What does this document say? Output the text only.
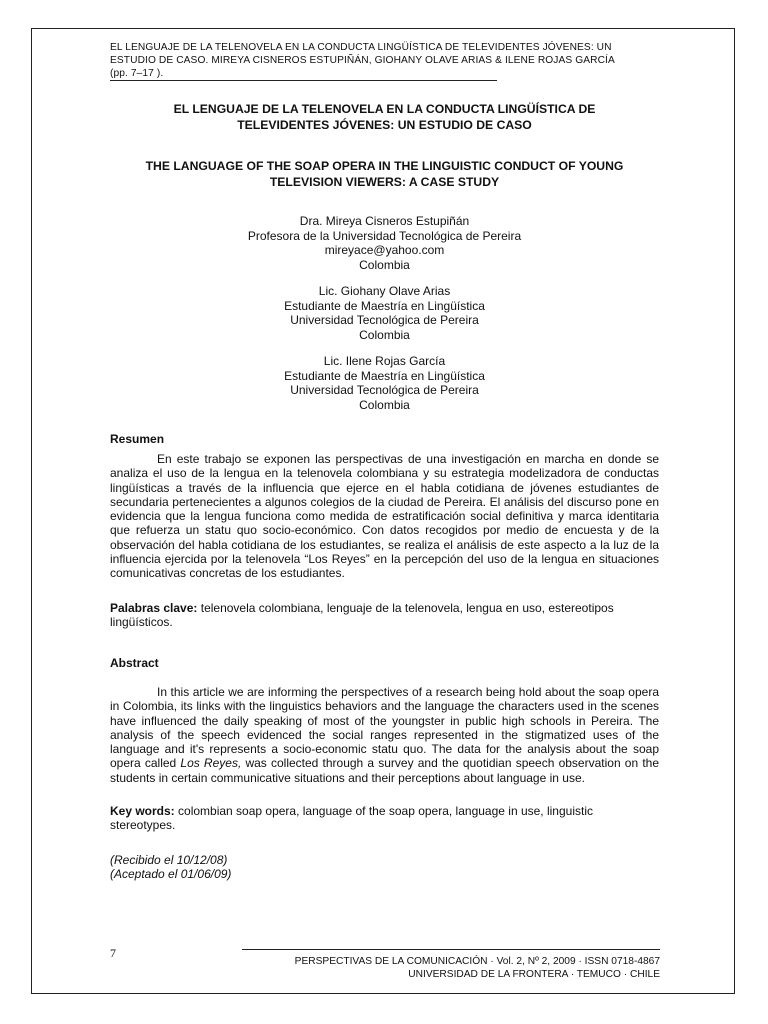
EL LENGUAJE DE LA TELENOVELA EN LA CONDUCTA LINGÜÍSTICA DE TELEVIDENTES JÓVENES: UN
ESTUDIO DE CASO. MIREYA CISNEROS ESTUPIÑÁN, GIOHANY OLAVE ARIAS & ILENE ROJAS GARCÍA
(pp. 7–17 ).
EL LENGUAJE DE LA TELENOVELA EN LA CONDUCTA LINGÜÍSTICA DE
TELEVIDENTES JÓVENES: UN ESTUDIO DE CASO
THE LANGUAGE OF THE SOAP OPERA IN THE LINGUISTIC CONDUCT OF YOUNG
TELEVISION VIEWERS: A CASE STUDY
Dra. Mireya Cisneros Estupiñán
Profesora de la Universidad Tecnológica de Pereira
mireyace@yahoo.com
Colombia
Lic. Giohany Olave Arias
Estudiante de Maestría en Lingüística
Universidad Tecnológica de Pereira
Colombia
Lic. Ilene Rojas García
Estudiante de Maestría en Lingüística
Universidad Tecnológica de Pereira
Colombia
Resumen
En este trabajo se exponen las perspectivas de una investigación en marcha en donde se analiza el uso de la lengua en la telenovela colombiana y su estrategia modelizadora de conductas lingüísticas a través de la influencia que ejerce en el habla cotidiana de jóvenes estudiantes de secundaria pertenecientes a algunos colegios de la ciudad de Pereira. El análisis del discurso pone en evidencia que la lengua funciona como medida de estratificación social definitiva y marca identitaria que refuerza un statu quo socio-económico. Con datos recogidos por medio de encuesta y de la observación del habla cotidiana de los estudiantes, se realiza el análisis de este aspecto a la luz de la influencia ejercida por la telenovela “Los Reyes” en la percepción del uso de la lengua en situaciones comunicativas concretas de los estudiantes.
Palabras clave: telenovela colombiana, lenguaje de la telenovela, lengua en uso, estereotipos lingüísticos.
Abstract
In this article we are informing the perspectives of a research being hold about the soap opera in Colombia, its links with the linguistics behaviors and the language the characters used in the scenes have influenced the daily speaking of most of the youngster in public high schools in Pereira. The analysis of the speech evidenced the social ranges represented in the stigmatized uses of the language and it's represents a socio-economic statu quo. The data for the analysis about the soap opera called Los Reyes, was collected through a survey and the quotidian speech observation on the students in certain communicative situations and their perceptions about language in use.
Key words: colombian soap opera, language of the soap opera, language in use, linguistic stereotypes.
(Recibido el 10/12/08)
(Aceptado el 01/06/09)
7
PERSPECTIVAS DE LA COMUNICACIÓN · Vol. 2, Nº 2, 2009 · ISSN 0718-4867
UNIVERSIDAD DE LA FRONTERA · TEMUCO · CHILE
